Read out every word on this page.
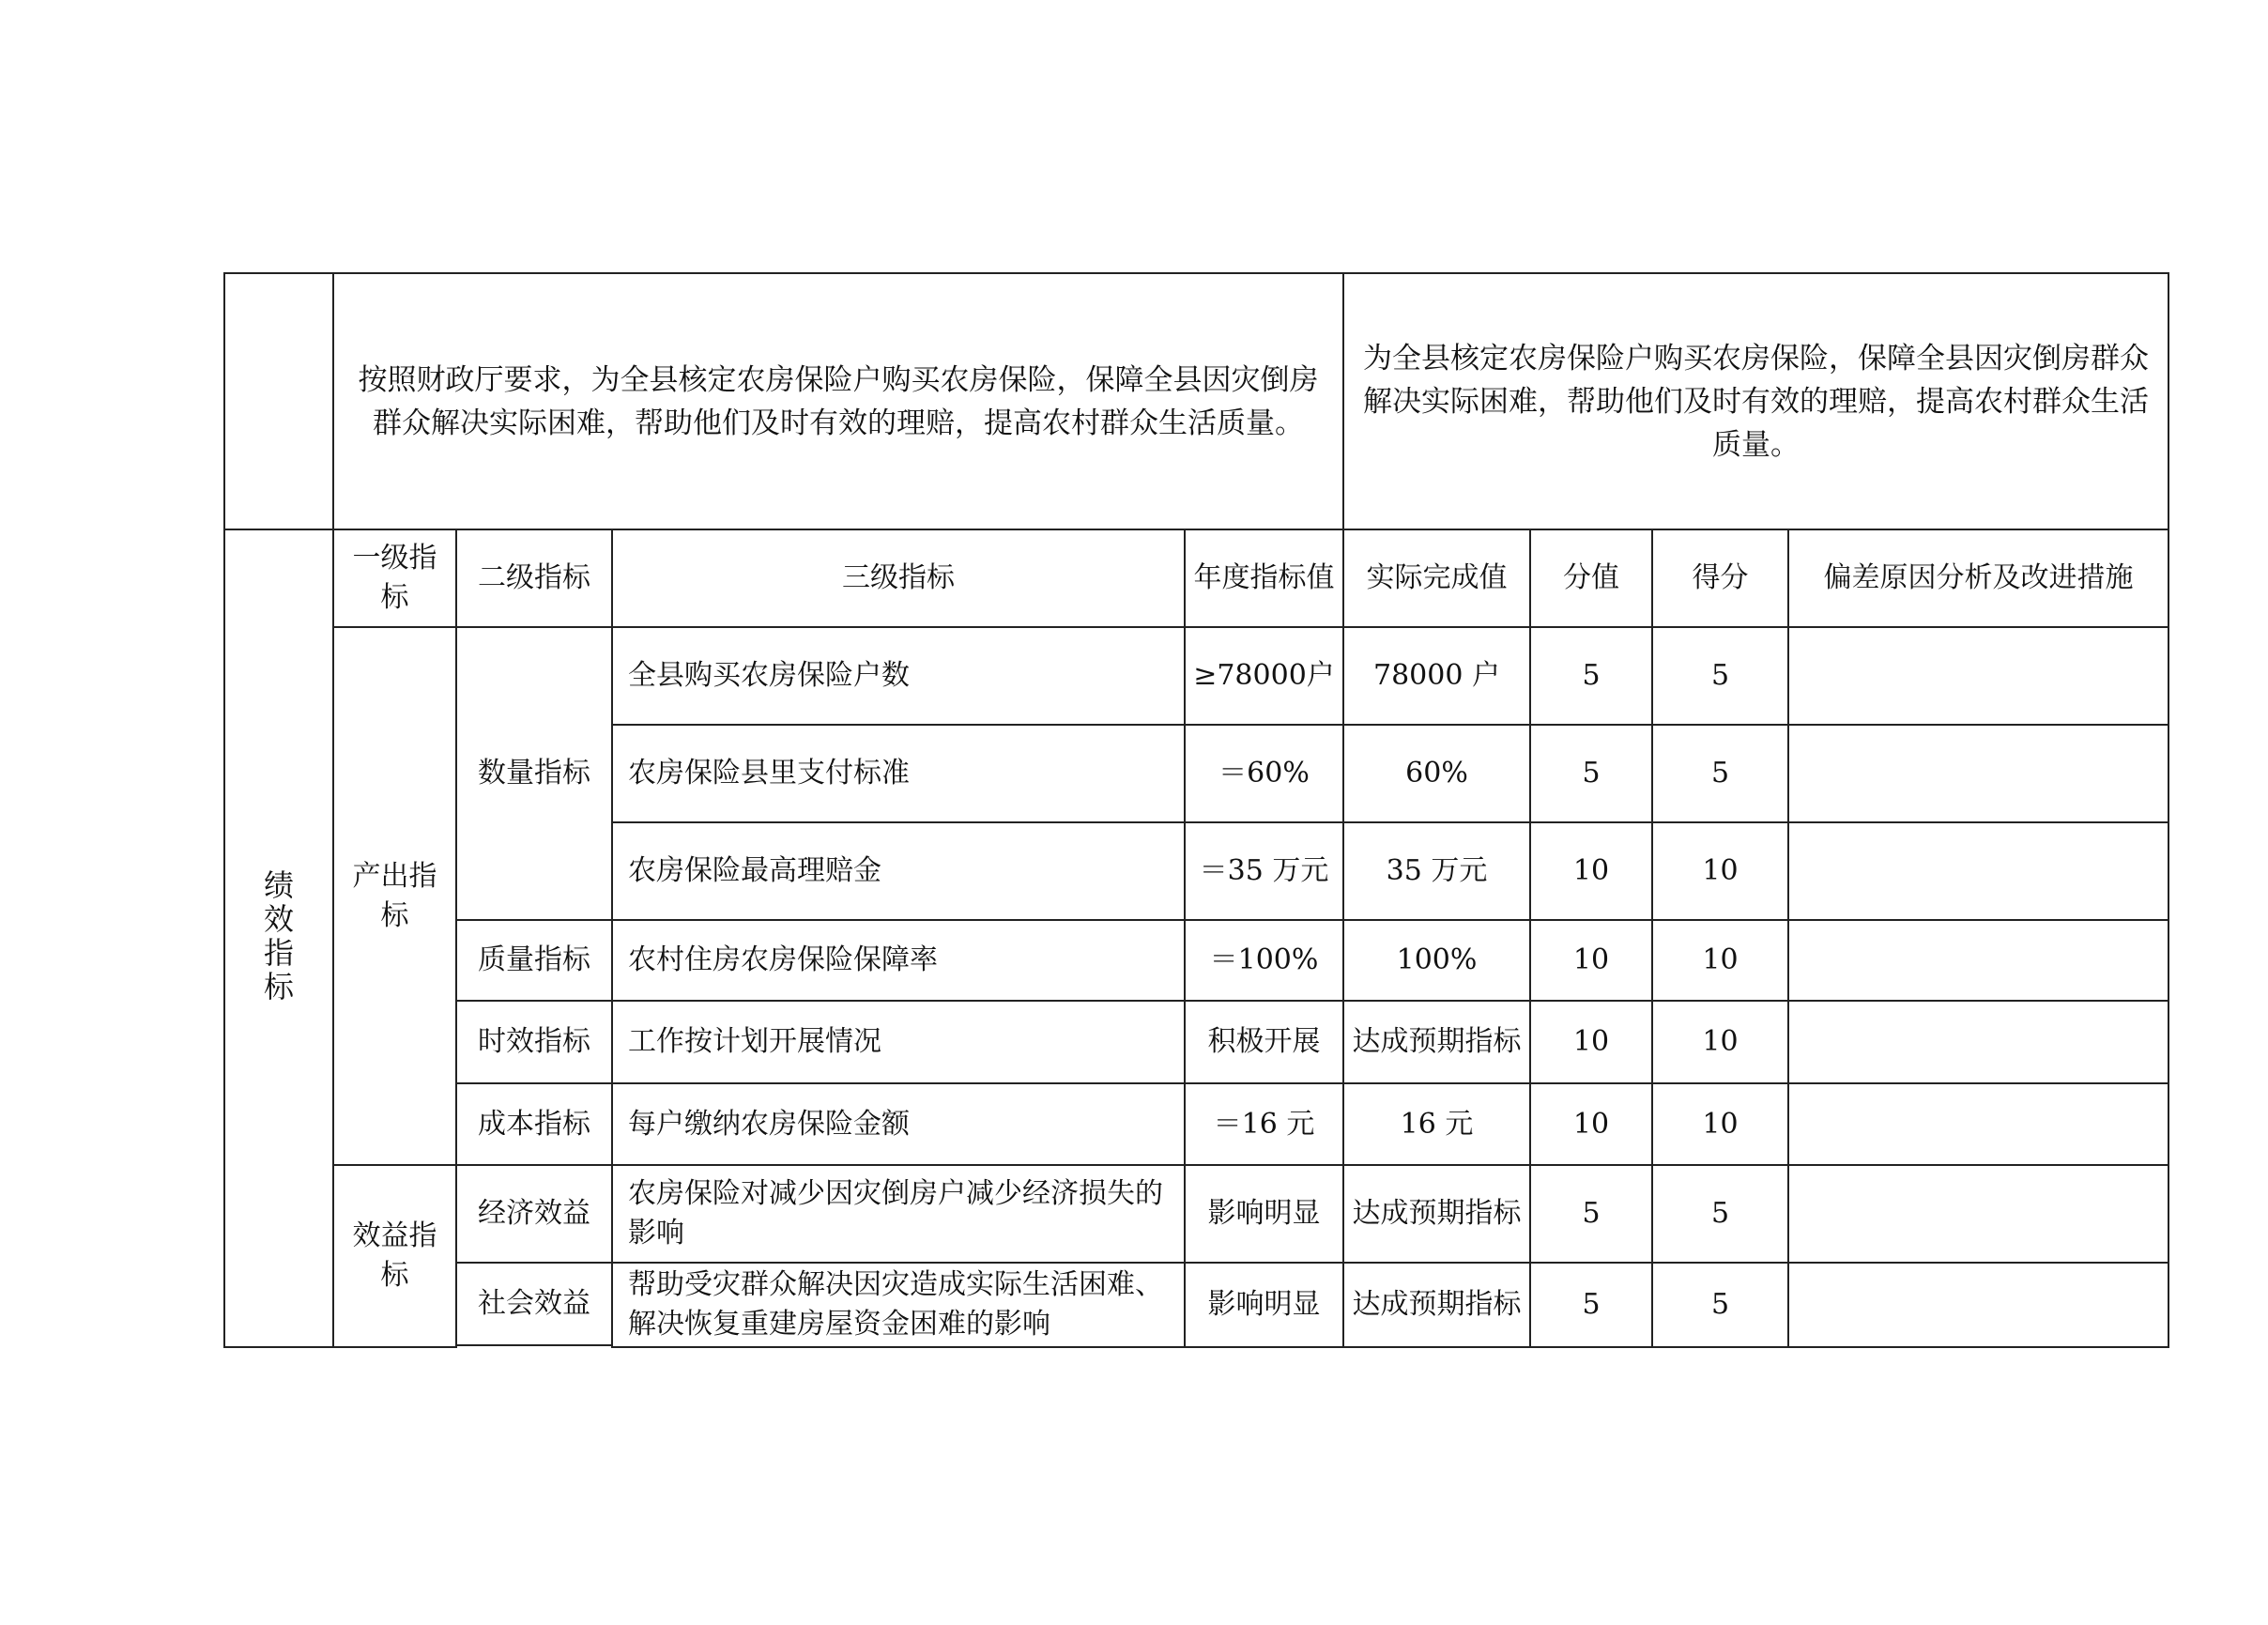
	按照财政厅要求，为全县核定农房保险户购买农房保险，保障全县因灾倒房群众解决实际困难，帮助他们及时有效的理赔，提高农村群众生活质量。				为全县核定农房保险户购买农房保险，保障全县因灾倒房群众解决实际困难，帮助他们及时有效的理赔，提高农村群众生活质量。			
绩效指标	一级指标	二级指标	三级指标	年度指标值	实际完成值	分值	得分	偏差原因分析及改进措施
	产出指标	数量指标	全县购买农房保险户数	≥78000户	78000 户	5	5	
			农房保险县里支付标准	＝60%	60%	5	5	
			农房保险最高理赔金	＝35 万元	35 万元	10	10	
		质量指标	农村住房农房保险保障率	＝100%	100%	10	10	
		时效指标	工作按计划开展情况	积极开展	达成预期指标	10	10	
		成本指标	每户缴纳农房保险金额	＝16 元	16 元	10	10	
	效益指标	经济效益	农房保险对减少因灾倒房户减少经济损失的影响	影响明显	达成预期指标	5	5	
		社会效益	帮助受灾群众解决因灾造成实际生活困难、解决恢复重建房屋资金困难的影响	影响明显	达成预期指标	5	5	
